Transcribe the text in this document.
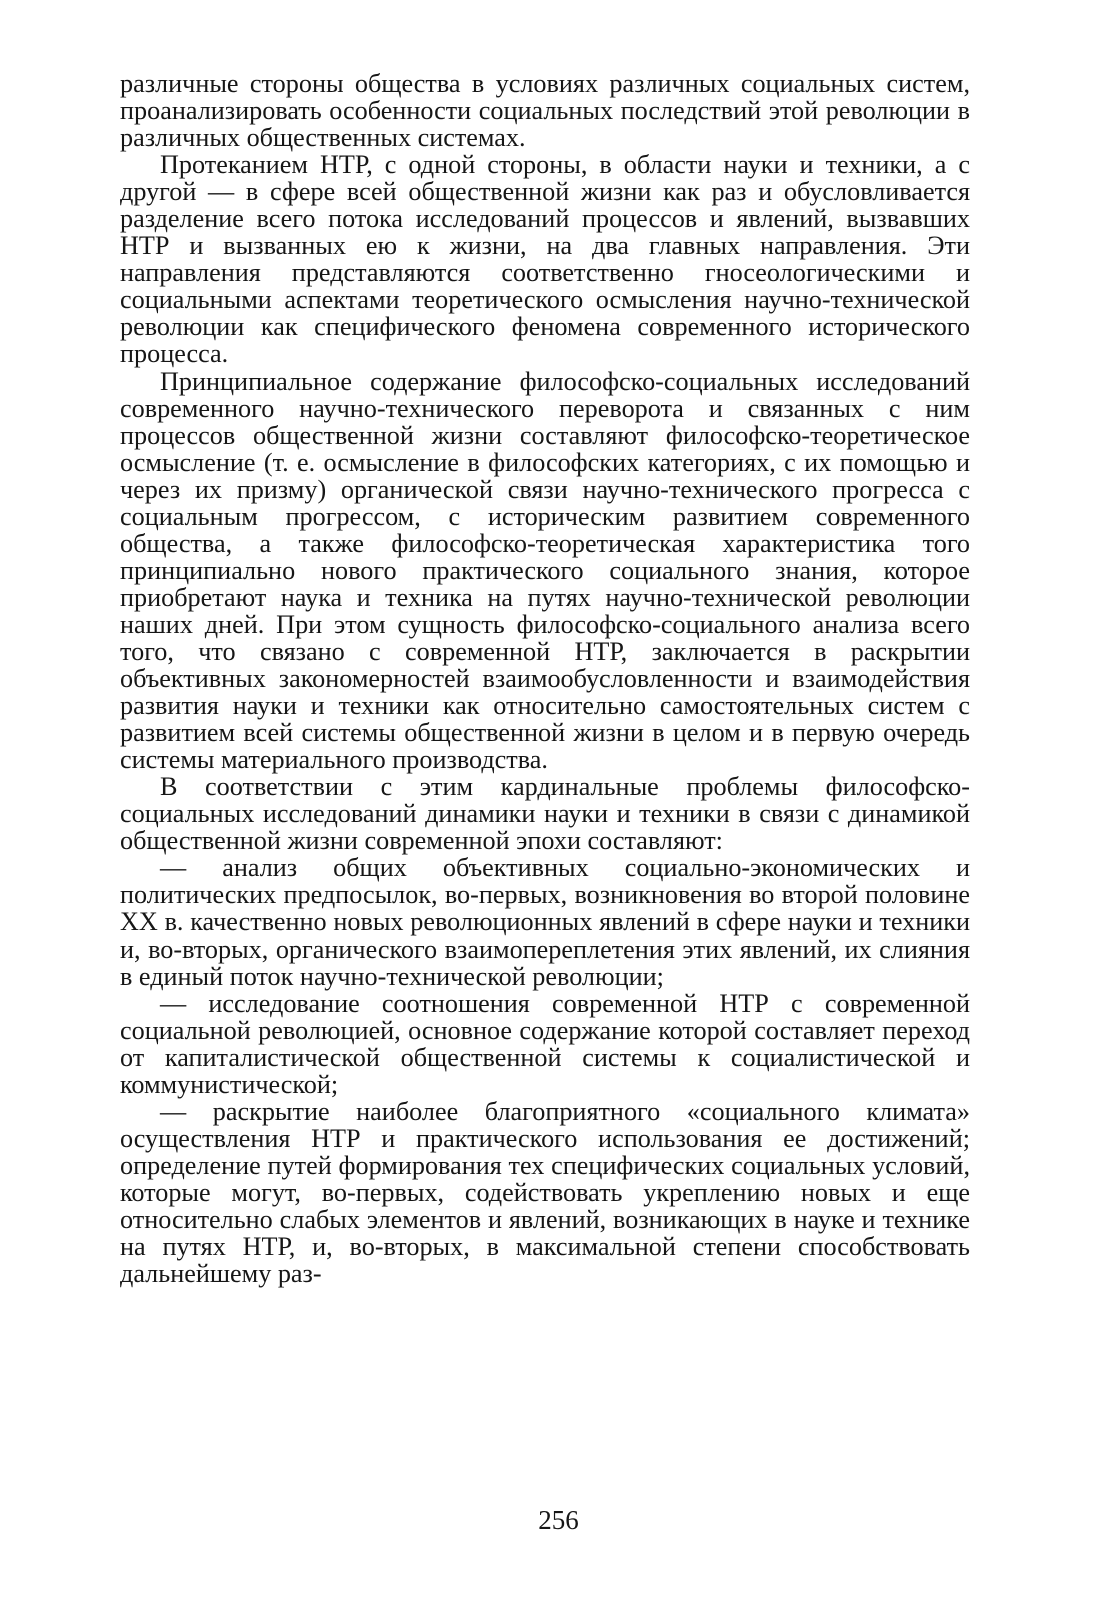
различные стороны общества в условиях различных социальных систем, проанализировать особенности социальных последствий этой революции в различных общественных системах.

Протеканием НТР, с одной стороны, в области науки и техники, а с другой — в сфере всей общественной жизни как раз и обусловливается разделение всего потока исследований процессов и явлений, вызвавших НТР и вызванных ею к жизни, на два главных направления. Эти направления представляются соответственно гносеологическими и социальными аспектами теоретического осмысления научно-технической революции как специфического феномена современного исторического процесса.

Принципиальное содержание философско-социальных исследований современного научно-технического переворота и связанных с ним процессов общественной жизни составляют философско-теоретическое осмысление (т. е. осмысление в философских категориях, с их помощью и через их призму) органической связи научно-технического прогресса с социальным прогрессом, с историческим развитием современного общества, а также философско-теоретическая характеристика того принципиально нового практического социального знания, которое приобретают наука и техника на путях научно-технической революции наших дней. При этом сущность философско-социального анализа всего того, что связано с современной НТР, заключается в раскрытии объективных закономерностей взаимообусловленности и взаимодействия развития науки и техники как относительно самостоятельных систем с развитием всей системы общественной жизни в целом и в первую очередь системы материального производства.

В соответствии с этим кардинальные проблемы философско-социальных исследований динамики науки и техники в связи с динамикой общественной жизни современной эпохи составляют:

— анализ общих объективных социально-экономических и политических предпосылок, во-первых, возникновения во второй половине XX в. качественно новых революционных явлений в сфере науки и техники и, во-вторых, органического взаимопереплетения этих явлений, их слияния в единый поток научно-технической революции;

— исследование соотношения современной НТР с современной социальной революцией, основное содержание которой составляет переход от капиталистической общественной системы к социалистической и коммунистической;

— раскрытие наиболее благоприятного «социального климата» осуществления НТР и практического использования ее достижений; определение путей формирования тех специфических социальных условий, которые могут, во-первых, содействовать укреплению новых и еще относительно слабых элементов и явлений, возникающих в науке и технике на путях НТР, и, во-вторых, в максимальной степени способствовать дальнейшему раз-

256
